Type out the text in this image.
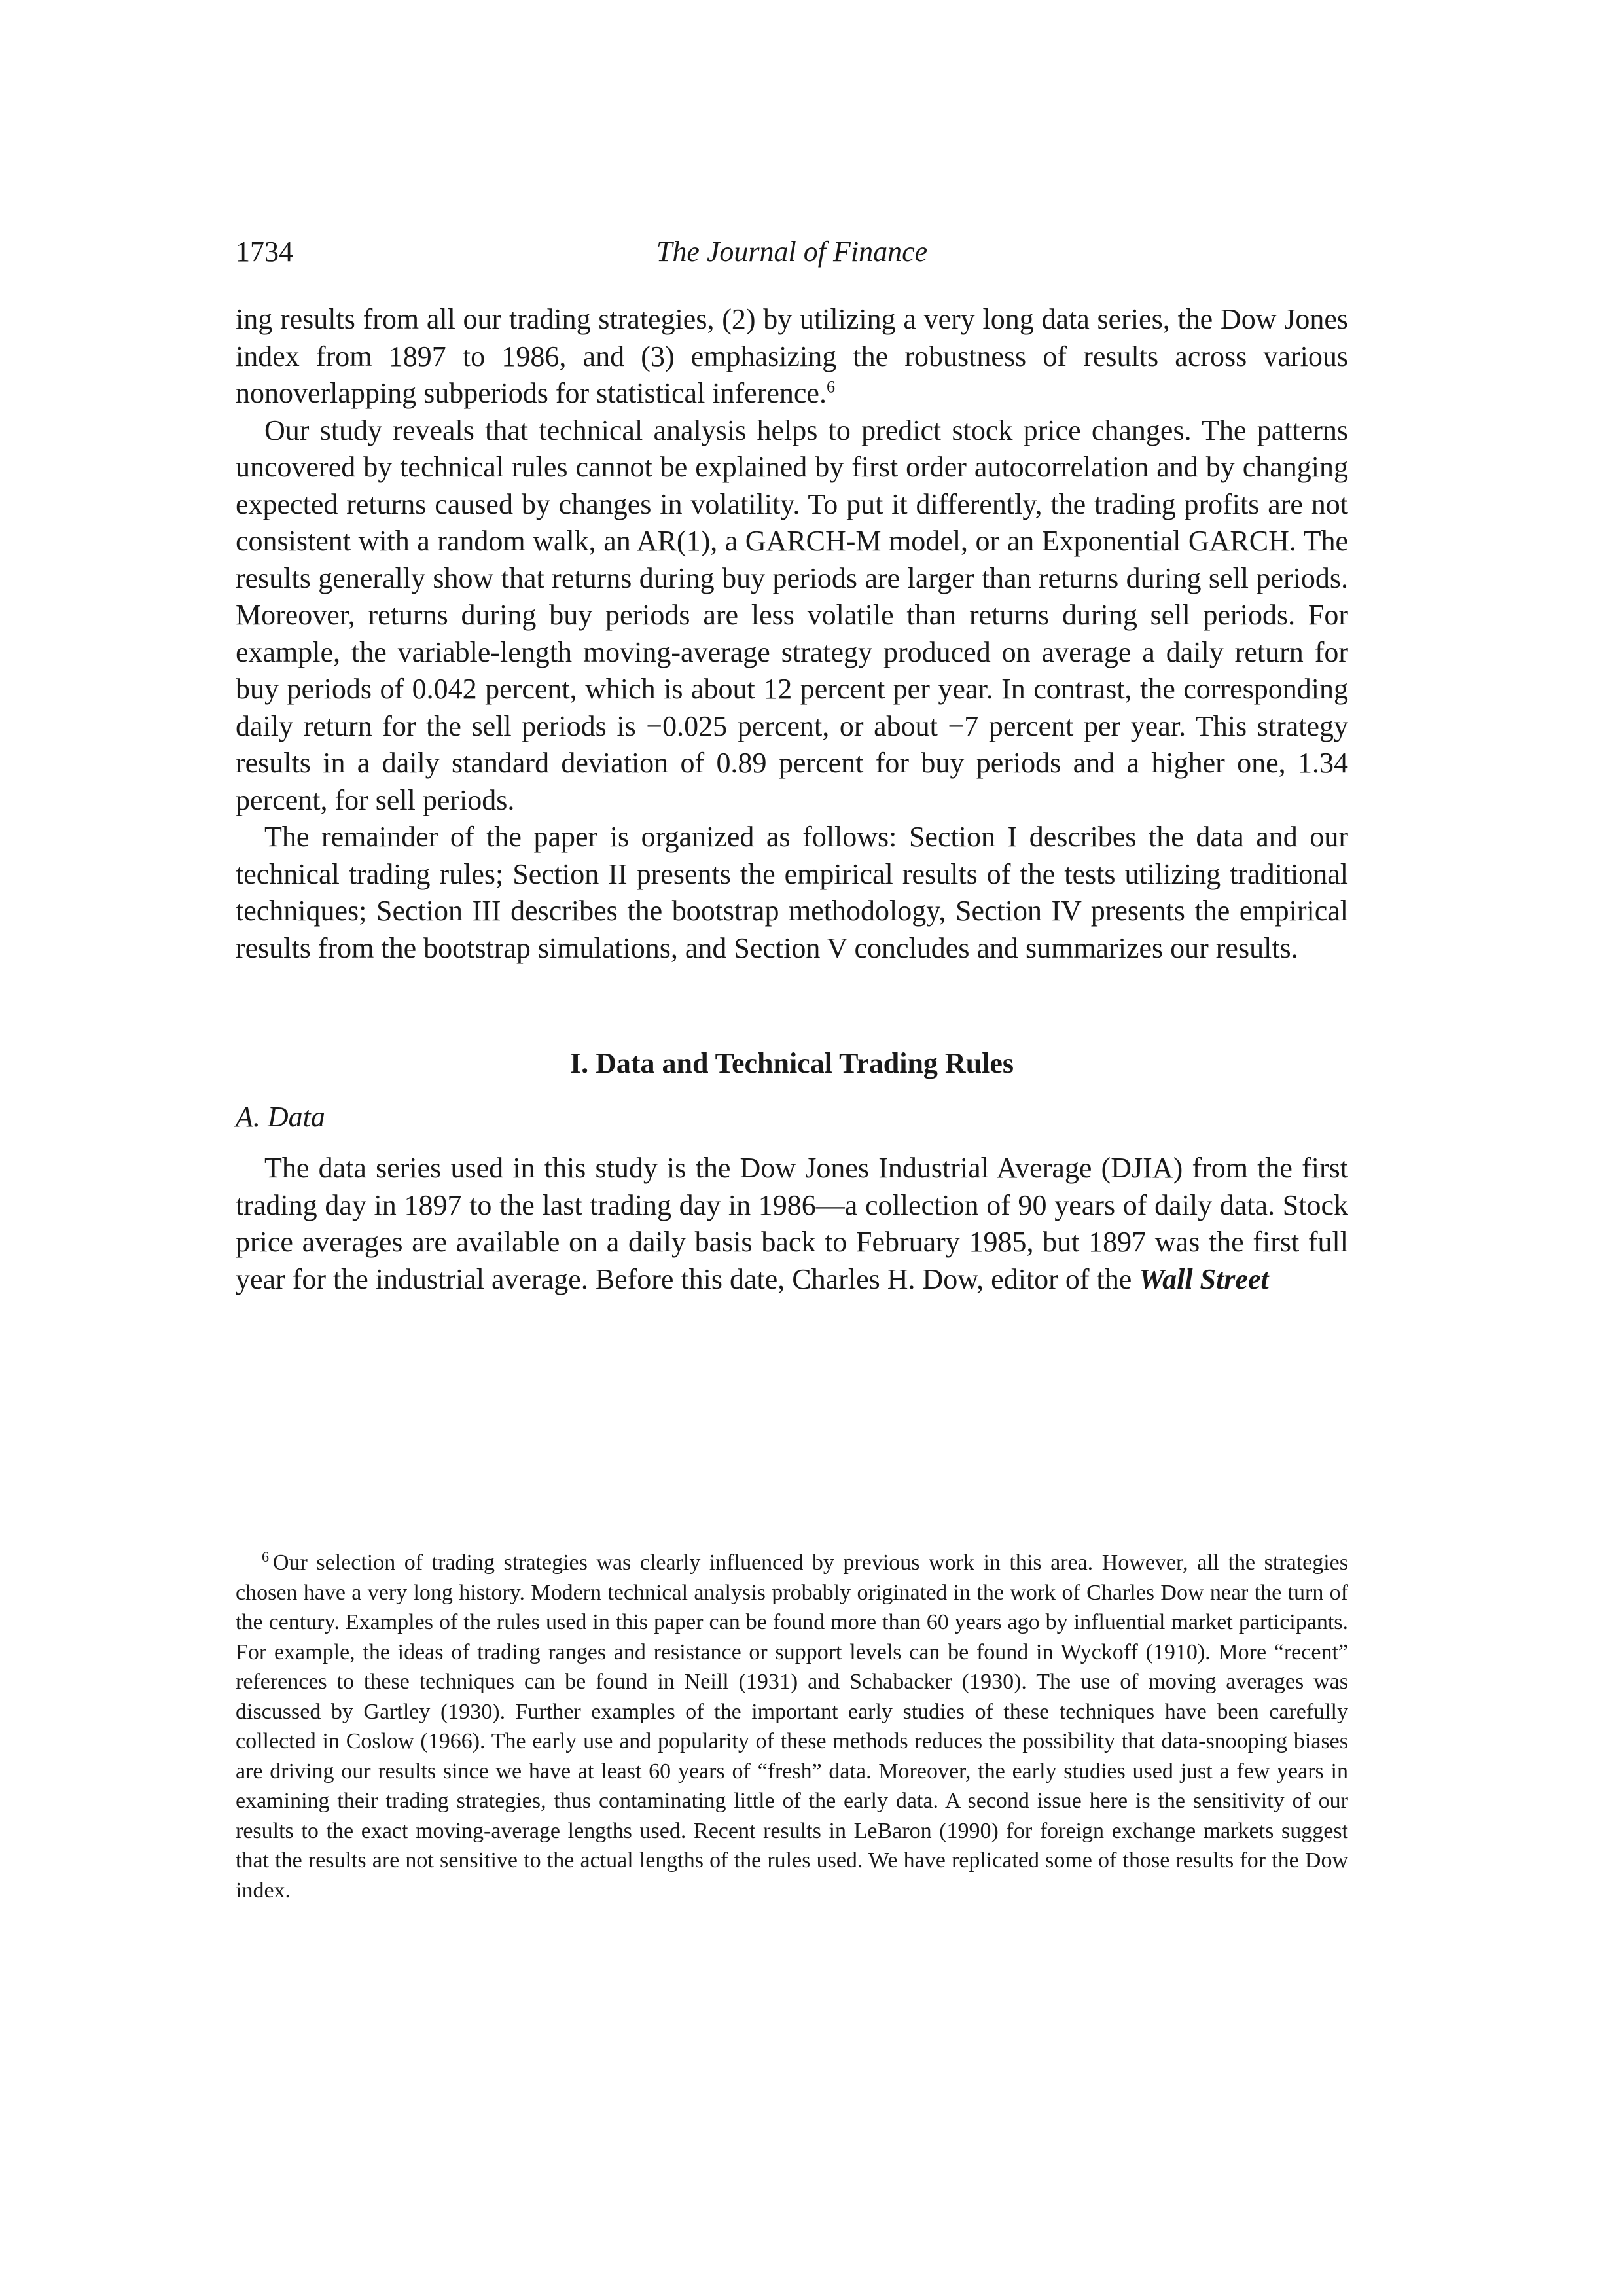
1734	The Journal of Finance

ing results from all our trading strategies, (2) by utilizing a very long data series, the Dow Jones index from 1897 to 1986, and (3) emphasizing the robustness of results across various nonoverlapping subperiods for statistical inference.$^6$

Our study reveals that technical analysis helps to predict stock price changes. The patterns uncovered by technical rules cannot be explained by first order autocorrelation and by changing expected returns caused by changes in volatility. To put it differently, the trading profits are not consistent with a random walk, an AR(1), a GARCH-M model, or an Exponential GARCH. The results generally show that returns during buy periods are larger than returns during sell periods. Moreover, returns during buy periods are less volatile than returns during sell periods. For example, the variable-length moving-average strategy produced on average a daily return for buy periods of 0.042 percent, which is about 12 percent per year. In contrast, the corresponding daily return for the sell periods is −0.025 percent, or about −7 percent per year. This strategy results in a daily standard deviation of 0.89 percent for buy periods and a higher one, 1.34 percent, for sell periods.

The remainder of the paper is organized as follows: Section I describes the data and our technical trading rules; Section II presents the empirical results of the tests utilizing traditional techniques; Section III describes the bootstrap methodology, Section IV presents the empirical results from the bootstrap simulations, and Section V concludes and summarizes our results.

I. Data and Technical Trading Rules
A. Data

The data series used in this study is the Dow Jones Industrial Average (DJIA) from the first trading day in 1897 to the last trading day in 1986—a collection of 90 years of daily data. Stock price averages are available on a daily basis back to February 1985, but 1897 was the first full year for the industrial average. Before this date, Charles H. Dow, editor of the Wall Street

$^6$ Our selection of trading strategies was clearly influenced by previous work in this area. However, all the strategies chosen have a very long history. Modern technical analysis probably originated in the work of Charles Dow near the turn of the century. Examples of the rules used in this paper can be found more than 60 years ago by influential market participants. For example, the ideas of trading ranges and resistance or support levels can be found in Wyckoff (1910). More “recent” references to these techniques can be found in Neill (1931) and Schabacker (1930). The use of moving averages was discussed by Gartley (1930). Further examples of the important early studies of these techniques have been carefully collected in Coslow (1966). The early use and popularity of these methods reduces the possibility that data-snooping biases are driving our results since we have at least 60 years of “fresh” data. Moreover, the early studies used just a few years in examining their trading strategies, thus contaminating little of the early data. A second issue here is the sensitivity of our results to the exact moving-average lengths used. Recent results in LeBaron (1990) for foreign exchange markets suggest that the results are not sensitive to the actual lengths of the rules used. We have replicated some of those results for the Dow index.
